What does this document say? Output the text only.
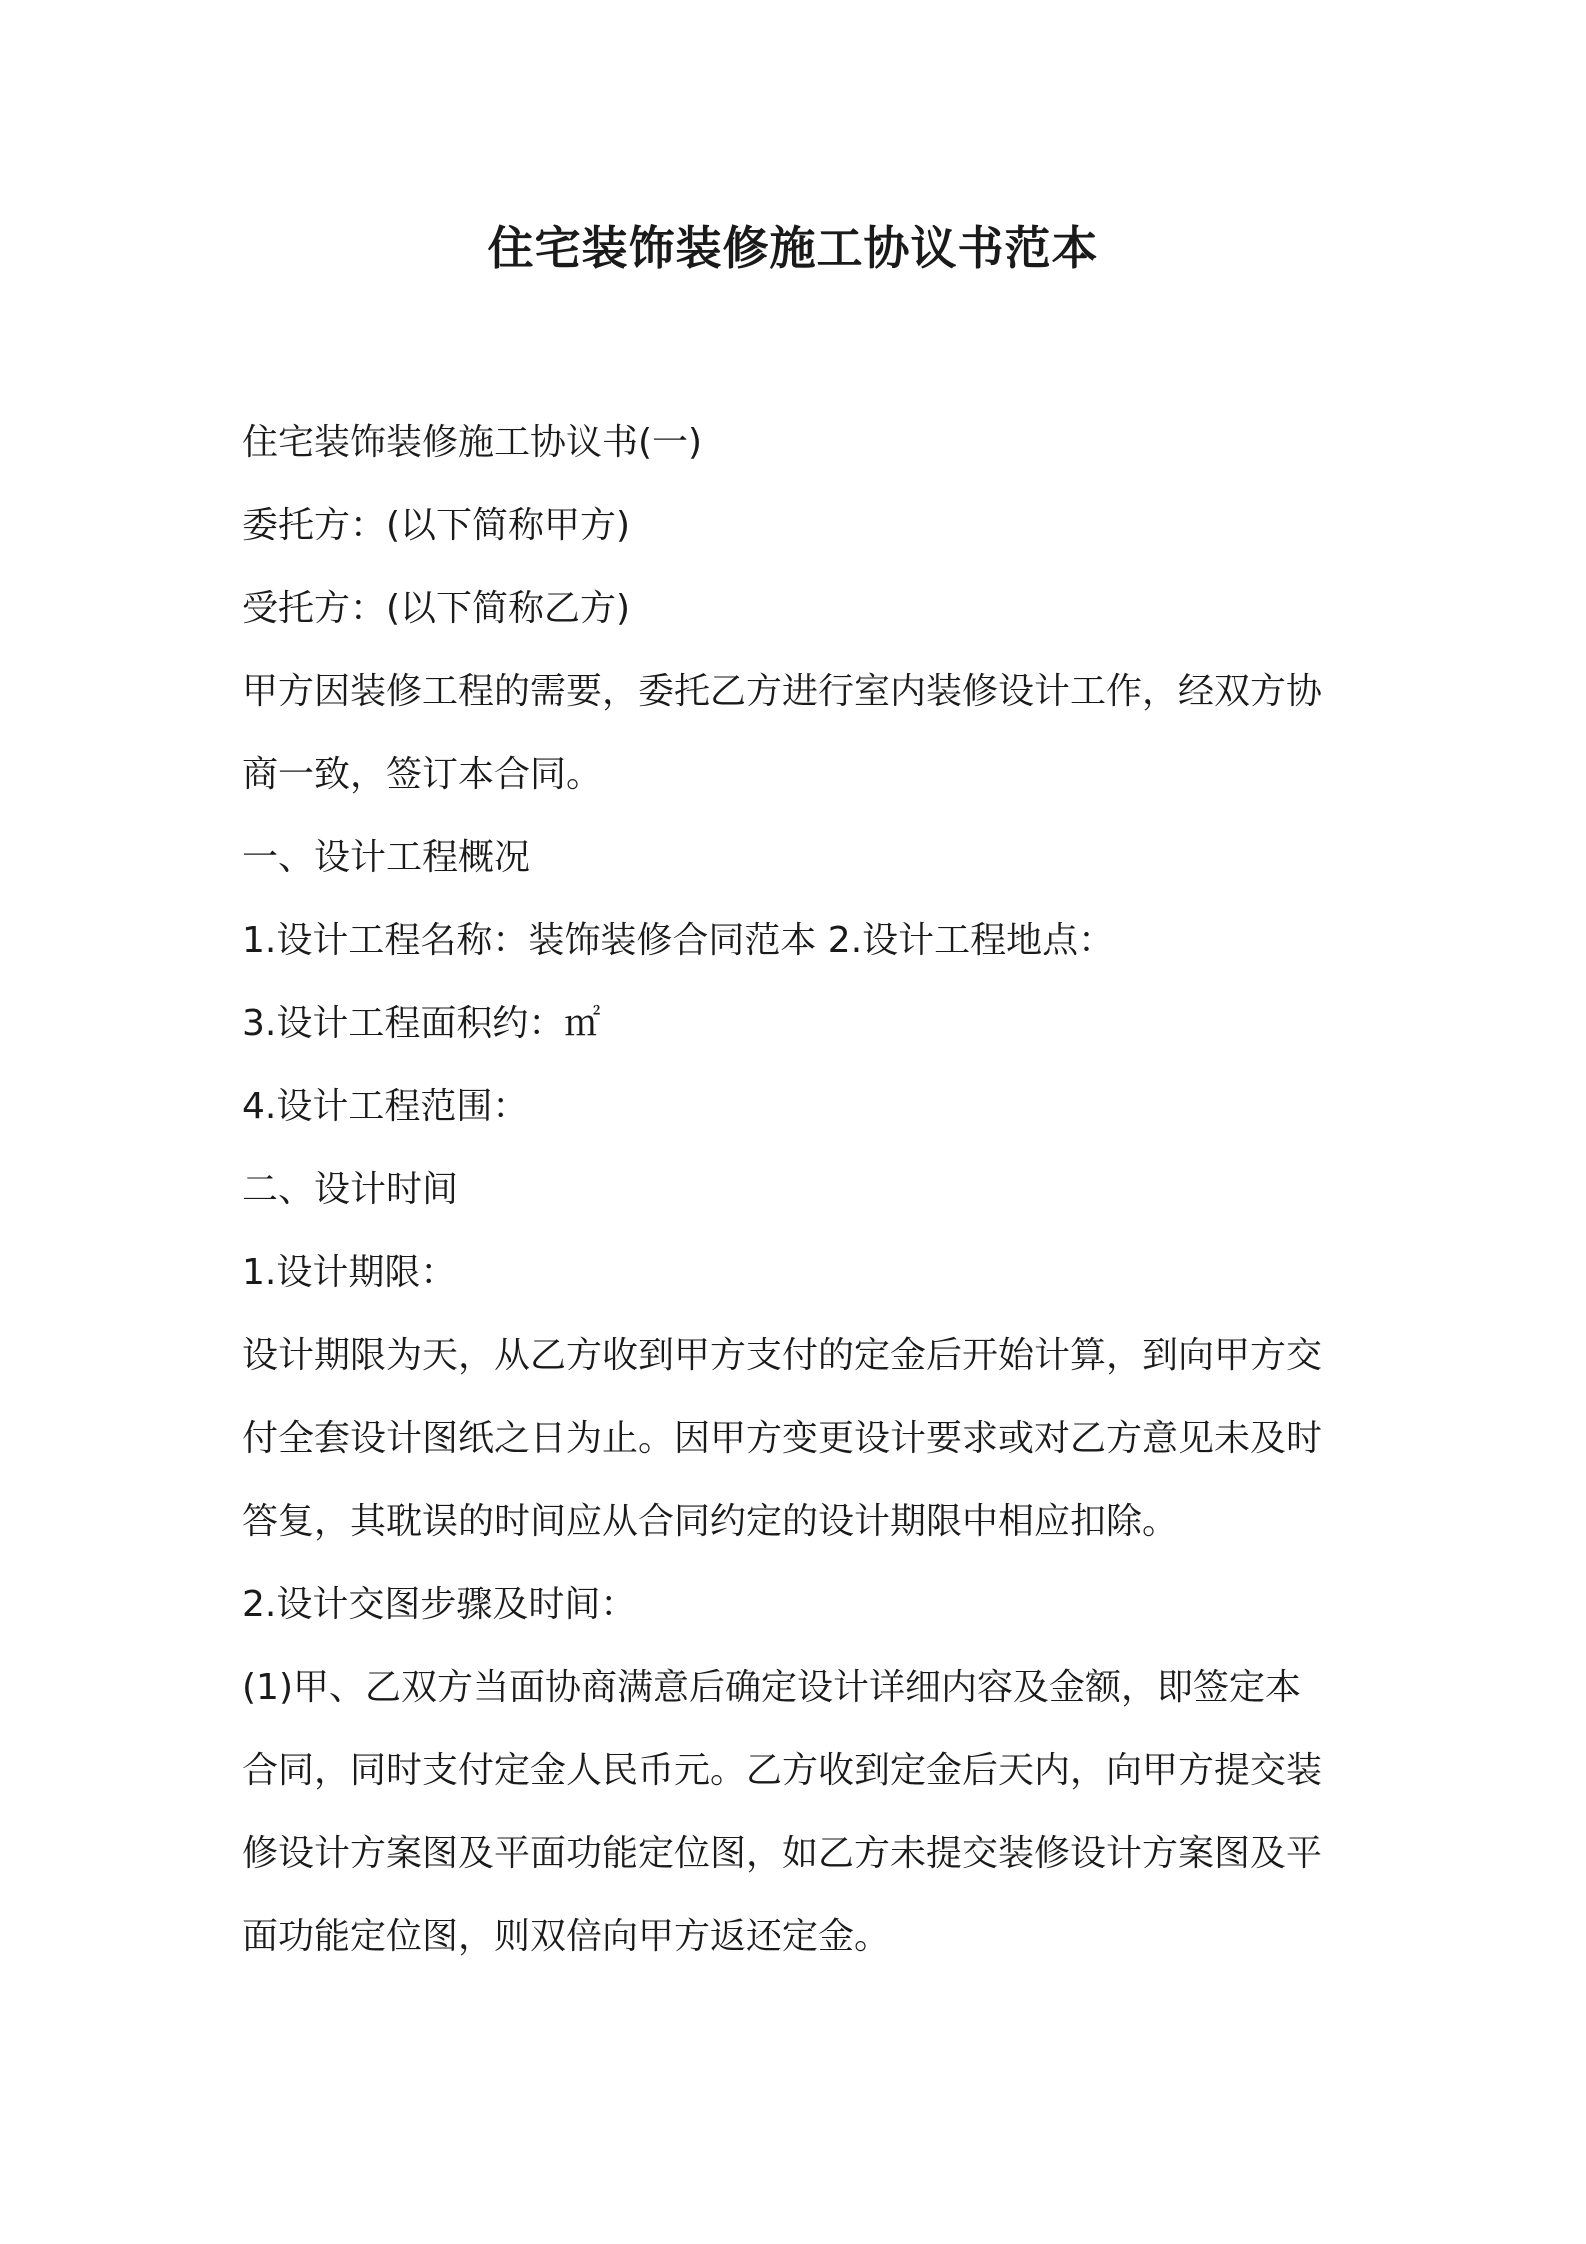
住宅装饰装修施工协议书范本

住宅装饰装修施工协议书(一)

委托方：(以下简称甲方)

受托方：(以下简称乙方)

甲方因装修工程的需要，委托乙方进行室内装修设计工作，经双方协

商一致，签订本合同。

一、设计工程概况

1.设计工程名称：装饰装修合同范本 2.设计工程地点：

3.设计工程面积约：㎡

4.设计工程范围：

二、设计时间

1.设计期限：

设计期限为天，从乙方收到甲方支付的定金后开始计算，到向甲方交

付全套设计图纸之日为止。因甲方变更设计要求或对乙方意见未及时

答复，其耽误的时间应从合同约定的设计期限中相应扣除。

2.设计交图步骤及时间：

(1)甲、乙双方当面协商满意后确定设计详细内容及金额，即签定本

合同，同时支付定金人民币元。乙方收到定金后天内，向甲方提交装

修设计方案图及平面功能定位图，如乙方未提交装修设计方案图及平

面功能定位图，则双倍向甲方返还定金。
